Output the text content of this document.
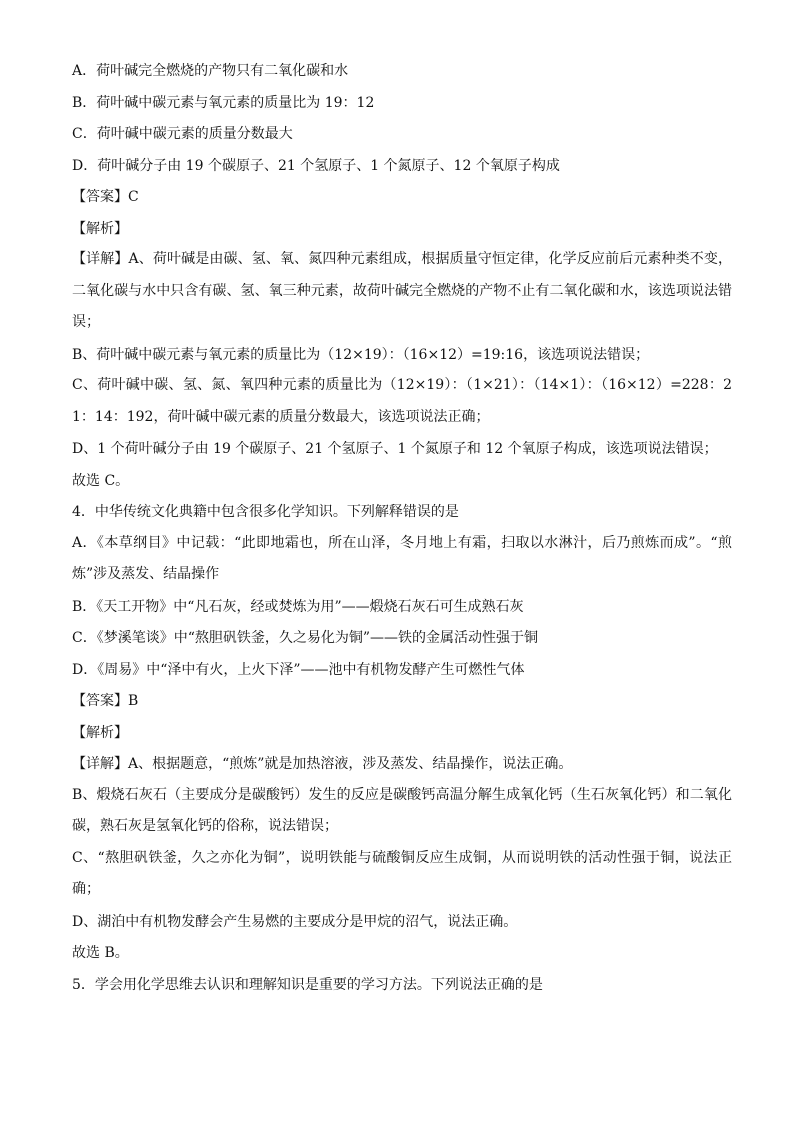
A．荷叶碱完全燃烧的产物只有二氧化碳和水
B．荷叶碱中碳元素与氧元素的质量比为 19：12
C．荷叶碱中碳元素的质量分数最大
D．荷叶碱分子由 19 个碳原子、21 个氢原子、1 个氮原子、12 个氧原子构成
【答案】C
【解析】
【详解】A、荷叶碱是由碳、氢、氧、氮四种元素组成，根据质量守恒定律，化学反应前后元素种类不变，二氧化碳与水中只含有碳、氢、氧三种元素，故荷叶碱完全燃烧的产物不止有二氧化碳和水，该选项说法错误；
B、荷叶碱中碳元素与氧元素的质量比为（12×19）：（16×12）=19:16，该选项说法错误；
C、荷叶碱中碳、氢、氮、氧四种元素的质量比为（12×19）：（1×21）：（14×1）：（16×12）=228：21：14：192，荷叶碱中碳元素的质量分数最大，该选项说法正确；
D、1 个荷叶碱分子由 19 个碳原子、21 个氢原子、1 个氮原子和 12 个氧原子构成，该选项说法错误；
故选 C。
4．中华传统文化典籍中包含很多化学知识。下列解释错误的是
A．《本草纲目》中记载：“此即地霜也，所在山泽，冬月地上有霜，扫取以水淋汁，后乃煎炼而成”。“煎炼”涉及蒸发、结晶操作
B．《天工开物》中“凡石灰，经或焚炼为用”——煅烧石灰石可生成熟石灰
C．《梦溪笔谈》中“熬胆矾铁釜，久之易化为铜”——铁的金属活动性强于铜
D．《周易》中“泽中有火，上火下泽”——池中有机物发酵产生可燃性气体
【答案】B
【解析】
【详解】A、根据题意，“煎炼”就是加热溶液，涉及蒸发、结晶操作，说法正确。
B、煅烧石灰石（主要成分是碳酸钙）发生的反应是碳酸钙高温分解生成氧化钙（生石灰氧化钙）和二氧化碳，熟石灰是氢氧化钙的俗称，说法错误；
C、“熬胆矾铁釜，久之亦化为铜”，说明铁能与硫酸铜反应生成铜，从而说明铁的活动性强于铜，说法正确；
D、湖泊中有机物发酵会产生易燃的主要成分是甲烷的沼气，说法正确。
故选 B。
5．学会用化学思维去认识和理解知识是重要的学习方法。下列说法正确的是
